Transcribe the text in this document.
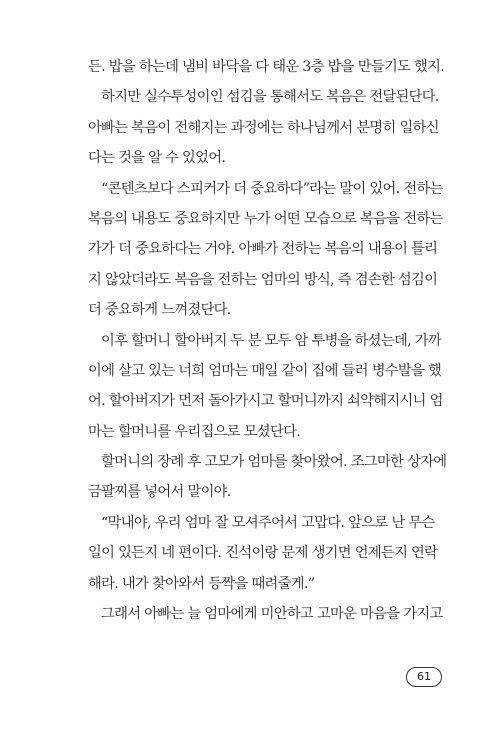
든. 밥을 하는데 냄비 바닥을 다 태운 3층 밥을 만들기도 했지.
하지만 실수투성이인 섬김을 통해서도 복음은 전달된단다.
아빠는 복음이 전해지는 과정에는 하나님께서 분명히 일하신
다는 것을 알 수 있었어.
“콘텐츠보다 스피커가 더 중요하다”라는 말이 있어. 전하는
복음의 내용도 중요하지만 누가 어떤 모습으로 복음을 전하는
가가 더 중요하다는 거야. 아빠가 전하는 복음의 내용이 틀리
지 않았더라도 복음을 전하는 엄마의 방식, 즉 겸손한 섬김이
더 중요하게 느껴졌단다.
이후 할머니 할아버지 두 분 모두 암 투병을 하셨는데, 가까
이에 살고 있는 너희 엄마는 매일 같이 집에 들러 병수발을 했
어. 할아버지가 먼저 돌아가시고 할머니까지 쇠약해지시니 엄
마는 할머니를 우리집으로 모셨단다.
할머니의 장례 후 고모가 엄마를 찾아왔어. 조그마한 상자에
금팔찌를 넣어서 말이야.
“막내야, 우리 엄마 잘 모셔주어서 고맙다. 앞으로 난 무슨
일이 있든지 네 편이다. 진석이랑 문제 생기면 언제든지 연락
해라. 내가 찾아와서 등짝을 때려줄게.”
그래서 아빠는 늘 엄마에게 미안하고 고마운 마음을 가지고
61
